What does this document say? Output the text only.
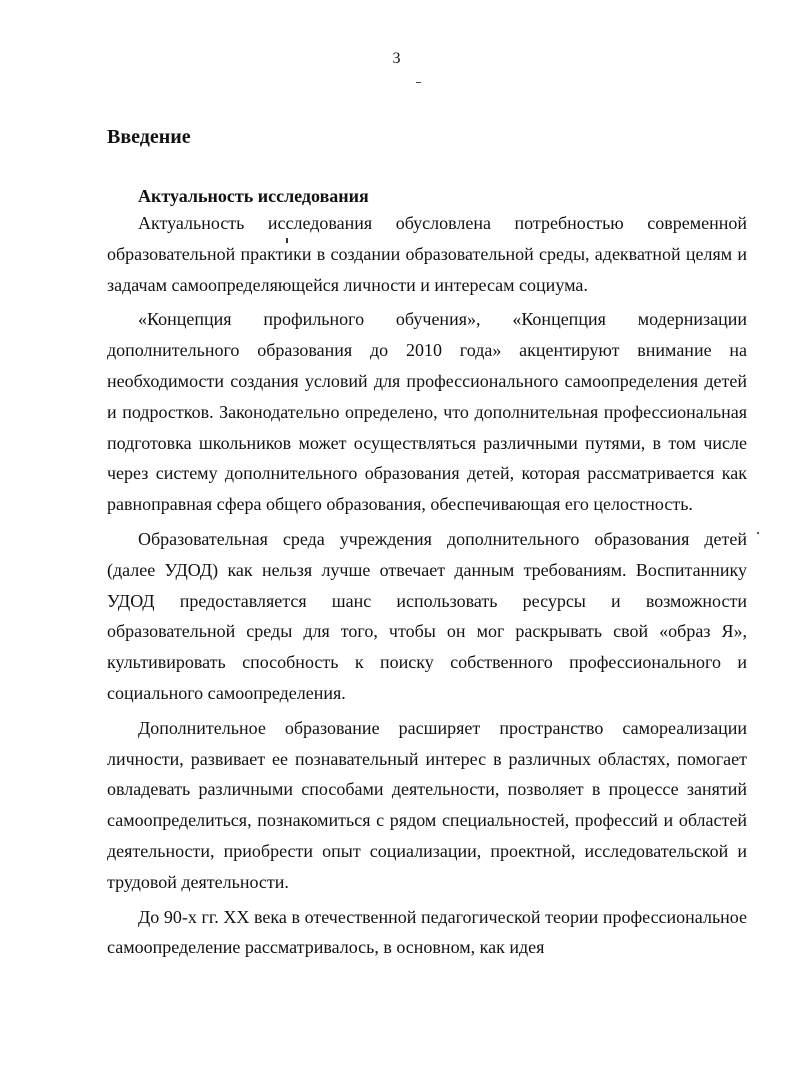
3
Введение
Актуальность исследования

Актуальность исследования обусловлена потребностью современной образовательной практики в создании образовательной среды, адекватной целям и задачам самоопределяющейся личности и интересам социума.

«Концепция профильного обучения», «Концепция модернизации дополнительного образования до 2010 года» акцентируют внимание на необходимости создания условий для профессионального самоопределения детей и подростков. Законодательно определено, что дополнительная профессиональная подготовка школьников может осуществляться различными путями, в том числе через систему дополнительного образования детей, которая рассматривается как равноправная сфера общего образования, обеспечивающая его целостность.

Образовательная среда учреждения дополнительного образования детей (далее УДОД) как нельзя лучше отвечает данным требованиям. Воспитаннику УДОД предоставляется шанс использовать ресурсы и возможности образовательной среды для того, чтобы он мог раскрывать свой «образ Я», культивировать способность к поиску собственного профессионального и социального самоопределения.

Дополнительное образование расширяет пространство самореализации личности, развивает ее познавательный интерес в различных областях, помогает овладевать различными способами деятельности, позволяет в процессе занятий самоопределиться, познакомиться с рядом специальностей, профессий и областей деятельности, приобрести опыт социализации, проектной, исследовательской и трудовой деятельности.

До 90-х гг. XX века в отечественной педагогической теории профессиональное самоопределение рассматривалось, в основном, как идея
